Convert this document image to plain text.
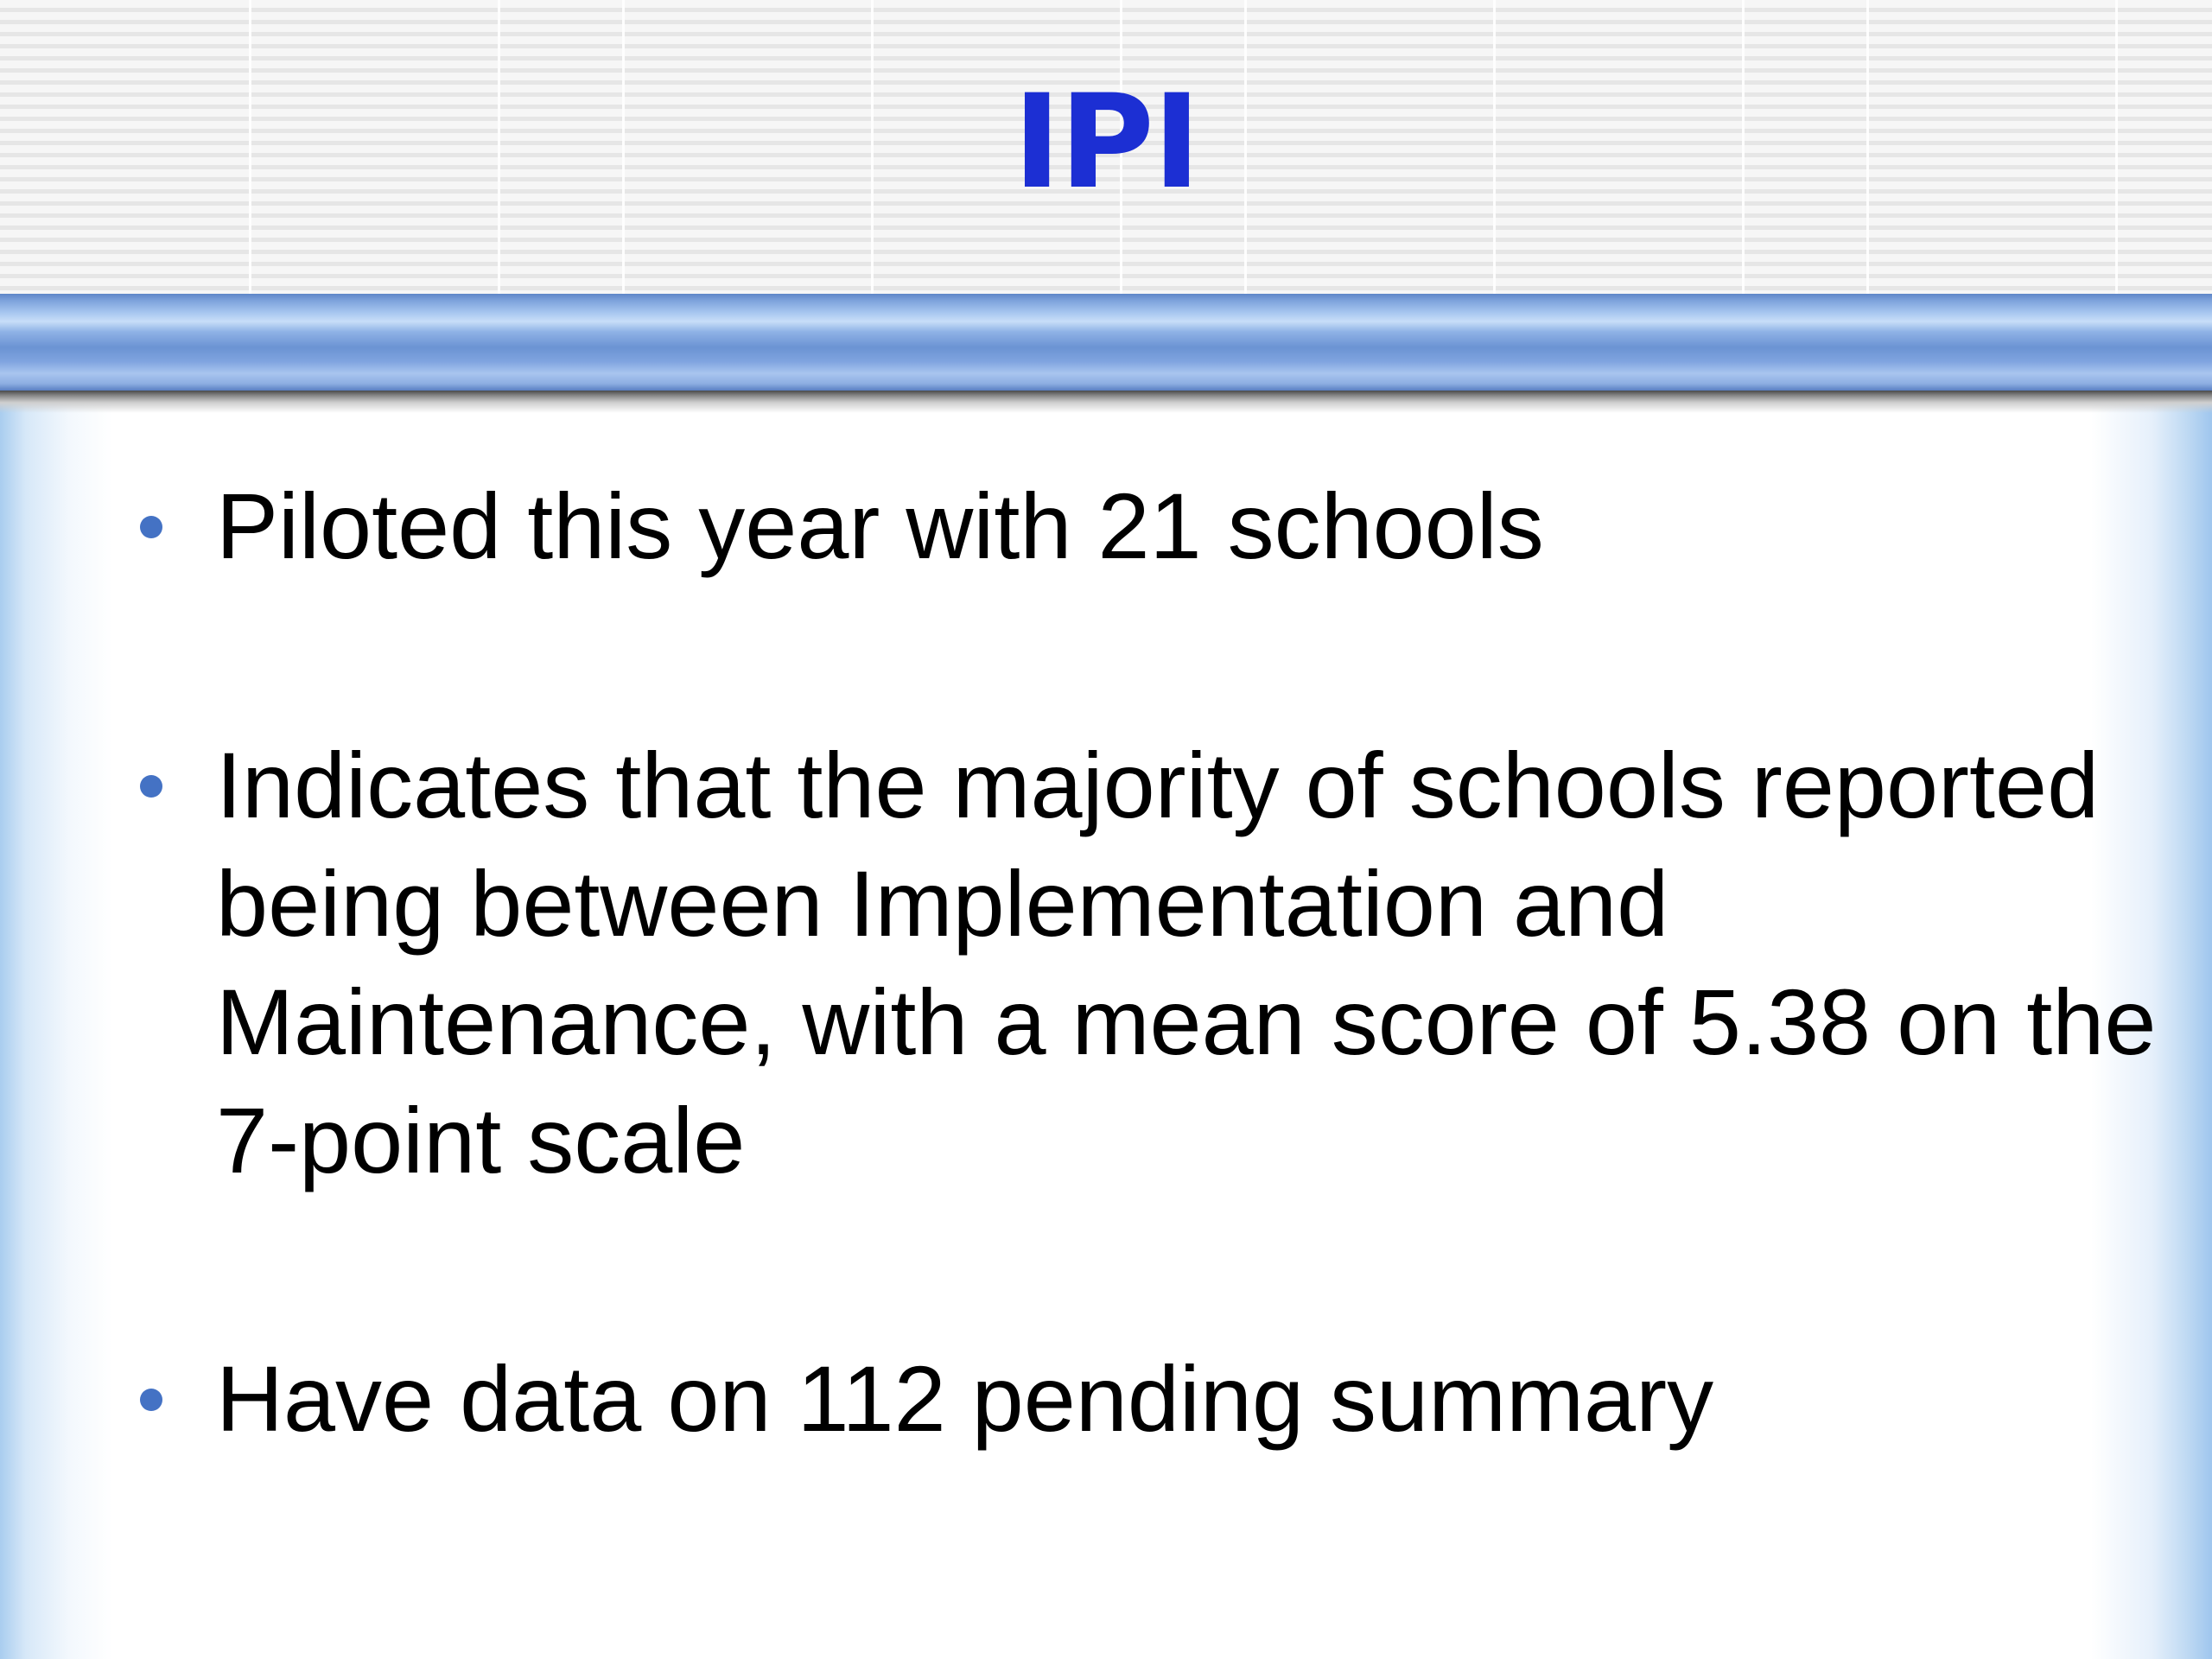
IPI
Piloted this year with 21 schools
Indicates that the majority of schools reported being between Implementation and Maintenance, with a mean score of 5.38 on the 7-point scale
Have data on 112 pending summary
